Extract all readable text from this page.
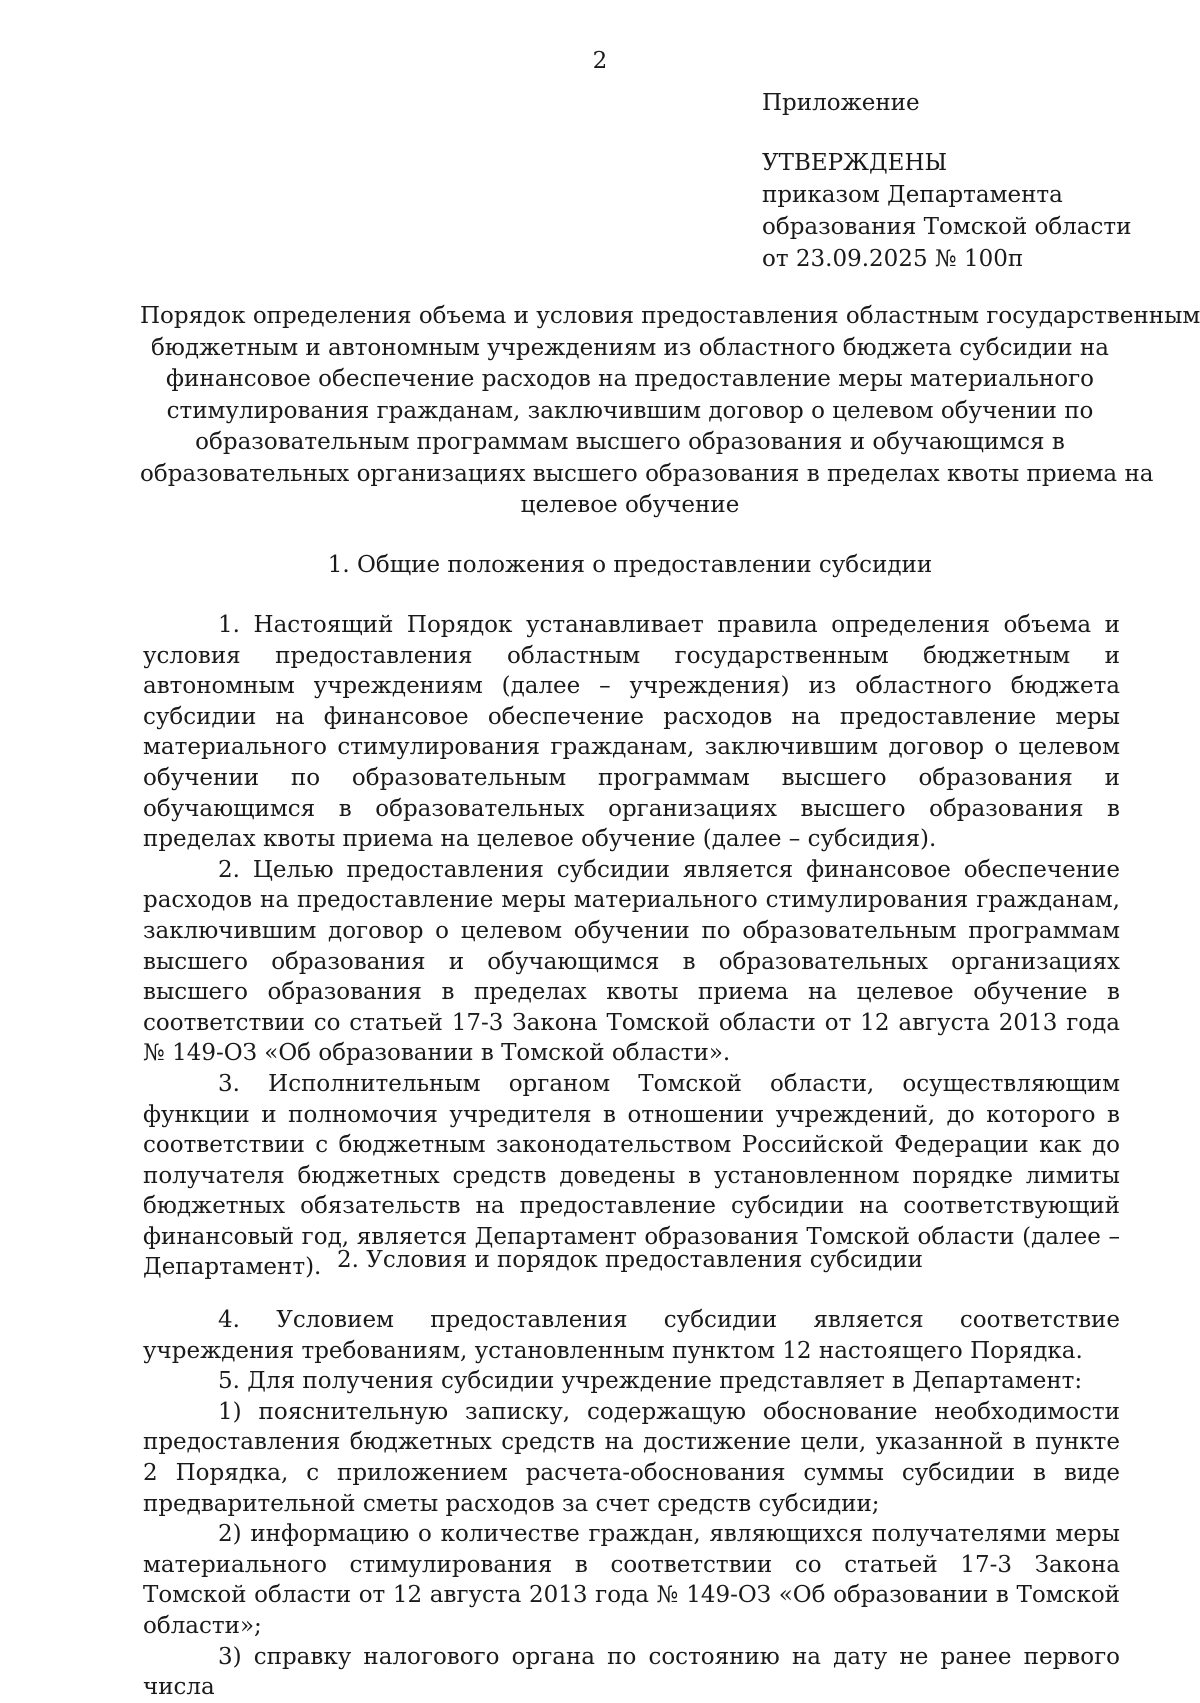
2

Приложение

УТВЕРЖДЕНЫ

приказом Департамента
образования Томской области
от 23.09.2025 № 100п
Порядок определения объема и условия предоставления областным государственным
бюджетным и автономным учреждениям из областного бюджета субсидии на
финансовое обеспечение расходов на предоставление меры материального
стимулирования гражданам, заключившим договор о целевом обучении по
образовательным программам высшего образования и обучающимся в
образовательных организациях высшего образования в пределах квоты приема на
целевое обучение
1. Общие положения о предоставлении субсидии

1. Настоящий Порядок устанавливает правила определения объема и условия предоставления областным государственным бюджетным и автономным учреждениям (далее – учреждения) из областного бюджета субсидии на финансовое обеспечение расходов на предоставление меры материального стимулирования гражданам, заключившим договор о целевом обучении по образовательным программам высшего образования и обучающимся в образовательных организациях высшего образования в пределах квоты приема на целевое обучение (далее – субсидия).

2. Целью предоставления субсидии является финансовое обеспечение расходов на предоставление меры материального стимулирования гражданам, заключившим договор о целевом обучении по образовательным программам высшего образования и обучающимся в образовательных организациях высшего образования в пределах квоты приема на целевое обучение в соответствии со статьей 17-3 Закона Томской области от 12 августа 2013 года № 149-ОЗ «Об образовании в Томской области».

3. Исполнительным органом Томской области, осуществляющим функции и полномочия учредителя в отношении учреждений, до которого в соответствии с бюджетным законодательством Российской Федерации как до получателя бюджетных средств доведены в установленном порядке лимиты бюджетных обязательств на предоставление субсидии на соответствующий финансовый год, является Департамент образования Томской области (далее – Департамент). 2. Условия и порядок предоставления субсидии

4. Условием предоставления субсидии является соответствие учреждения требованиям, установленным пунктом 12 настоящего Порядка.

5. Для получения субсидии учреждение представляет в Департамент:

1) пояснительную записку, содержащую обоснование необходимости предоставления бюджетных средств на достижение цели, указанной в пункте 2 Порядка, с приложением расчета-обоснования суммы субсидии в виде предварительной сметы расходов за счет средств субсидии;

2) информацию о количестве граждан, являющихся получателями меры материального стимулирования в соответствии со статьей 17-3 Закона Томской области от 12 августа 2013 года № 149-ОЗ «Об образовании в Томской области»;

3) справку налогового органа по состоянию на дату не ранее первого числа
